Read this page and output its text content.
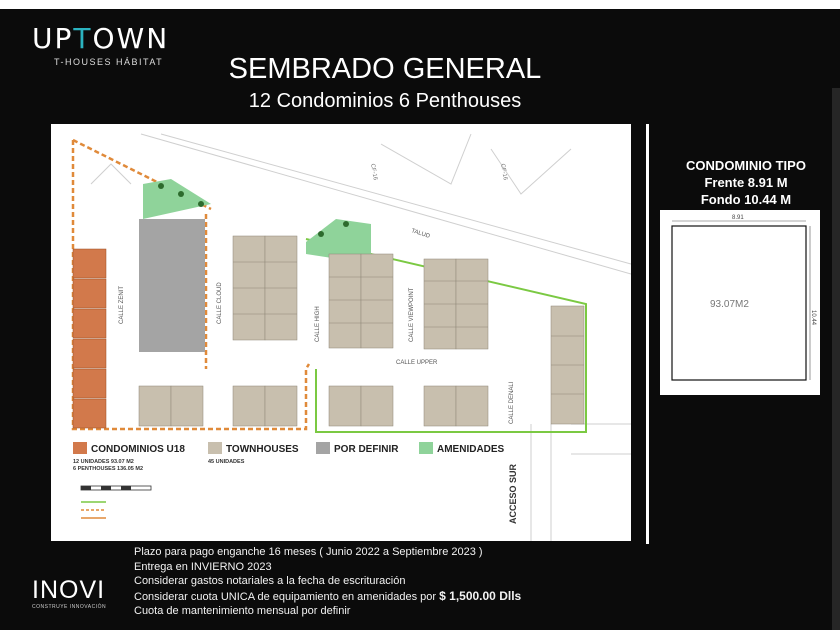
UPTOWN
T-HOUSES HÁBITAT	SEMBRADO GENERAL
12 Condominios 6 Penthouses
CF-16	CF-16
CALLE ZENIT	CALLE CLOUD
CALLE HIGH	CALLE VIEWPOINT
CALLE UPPER
CALLE DENALI
ACCESO SUR
TALUD
CONDOMINIOS U18
12 UNIDADES 93.07 M2
6 PENTHOUSES 136.05 M2
TOWNHOUSES
45 UNIDADES
POR DEFINIR	AMENIDADES
CONDOMINIO TIPO
Frente 8.91 M
Fondo 10.44 M
8.91
10.44
93.07M2
Plazo para pago enganche 16 meses ( Junio 2022 a Septiembre 2023 )
Entrega en INVIERNO 2023
Considerar gastos notariales a la fecha de escrituración
Considerar cuota UNICA de equipamiento en amenidades por $ 1,500.00 Dlls
Cuota de mantenimiento mensual por definir
INOVI
CONSTRUYE INNOVACIÓN
